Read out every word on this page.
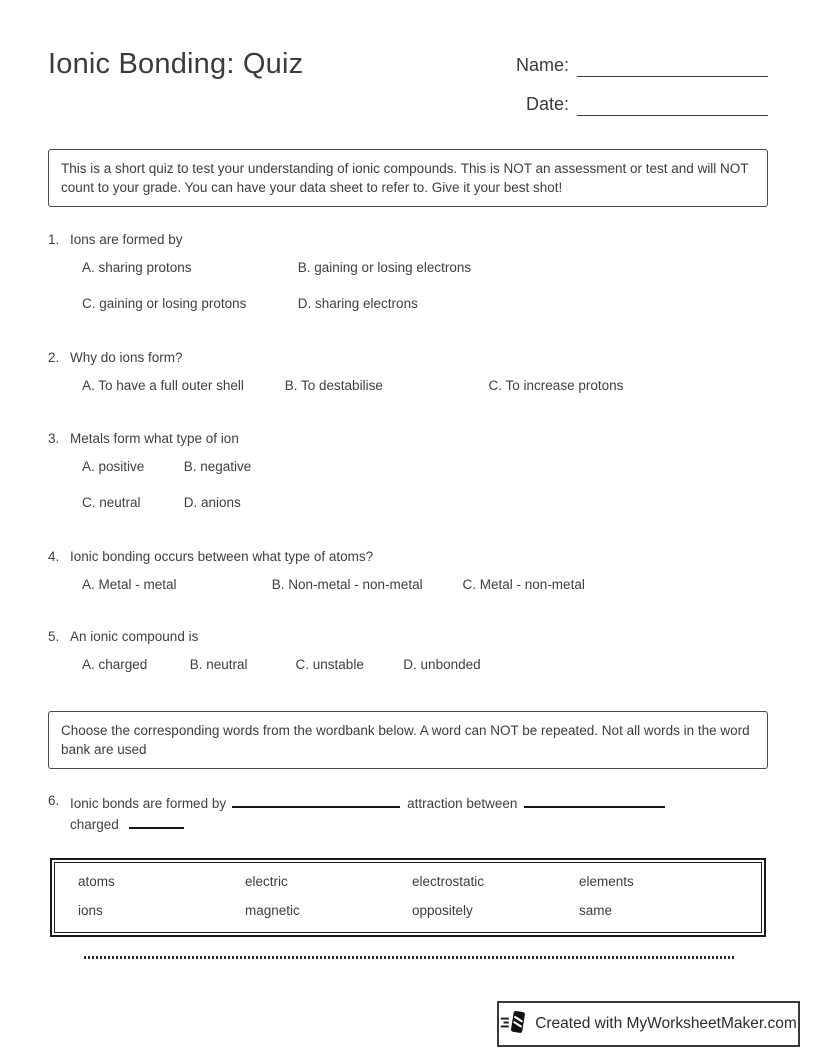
Ionic Bonding: Quiz	Name:
Date:
This is a short quiz to test your understanding of ionic compounds. This is NOT an assessment or test and will NOT count to your grade. You can have your data sheet to refer to. Give it your best shot!
1. Ions are formed by
A. sharing protons	B. gaining or losing electrons
C. gaining or losing protons	D. sharing electrons
2. Why do ions form?
A. To have a full outer shell	B. To destabilise	C. To increase protons
3. Metals form what type of ion
A. positive	B. negative
C. neutral	D. anions
4. Ionic bonding occurs between what type of atoms?
A. Metal - metal	B. Non-metal - non-metal	C. Metal - non-metal
5. An ionic compound is
A. charged	B. neutral	C. unstable	D. unbonded
Choose the corresponding words from the wordbank below. A word can NOT be repeated. Not all words in the word bank are used
6. Ionic bonds are formed by	attraction between
charged
atoms	electric	electrostatic	elements
ions	magnetic	oppositely	same
Created with MyWorksheetMaker.com
